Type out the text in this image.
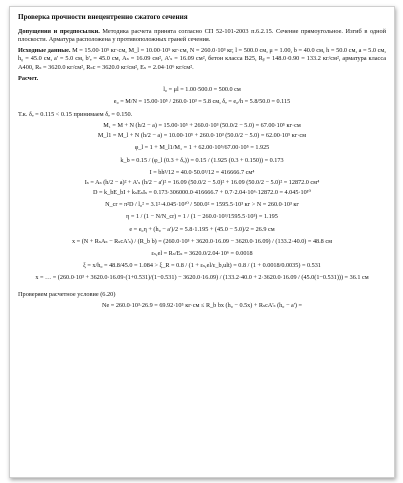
Проверка прочности внецентренно сжатого сечения

Допущения и предпосылки. Методика расчета принята согласно СП 52-101-2003 п.6.2.15. Сечение прямоугольное. Изгиб в одной плоскости. Арматура расположена у противоположных граней сечения.

Исходные данные. M = 15.00·10⁵ кг·см, M_l = 10.00·10⁵ кг·см, N = 260.0·10³ кг, l = 500.0 см, μ = 1.00, b = 40.0 см, h = 50.0 см, a = 5.0 см, h₀ = 45.0 см, a' = 5.0 см, b'ₑ = 45.0 см, Aₛ = 16.09 см², A'ₛ = 16.09 см², бетон класса B25, Rᵦ = 148.0·0.90 = 133.2 кг/см², арматура класса A400, Rₛ = 3620.0 кг/см², Rₛc = 3620.0 кг/см², Eₛ = 2.04·10⁶ кг/см².

Расчет.

l₀ = μl = 1.00·500.0 = 500.0 см
e₀ = M/N = 15.00·10⁵ / 260.0·10³ = 5.8 см, δₑ = e₀/h = 5.8/50.0 = 0.115

Т.к. δₑ = 0.115 < 0.15 принимаем δₑ = 0.150.

M₁ = M + N (h/2 − a) = 15.00·10⁵ + 260.0·10³ (50.0/2 − 5.0) = 67.00·10⁵ кг·см
M_l1 = M_l + N (h/2 − a) = 10.00·10⁵ + 260.0·10³ (50.0/2 − 5.0) = 62.00·10⁵ кг·см
φ_l = 1 + M_l1/M₁ = 1 + 62.00·10⁵/67.00·10⁵ = 1.925
k_b = 0.15 / (φ_l (0.3 + δₑ)) = 0.15 / (1.925 (0.3 + 0.150)) = 0.173
I = bh³/12 = 40.0·50.0³/12 = 416666.7 см⁴
Iₛ = Aₛ (h/2 − a)² + A'ₛ (h/2 − a')² = 16.09 (50.0/2 − 5.0)² + 16.09 (50.0/2 − 5.0)² = 12872.0 см⁴
D = k_bE_bI + kₛEₛIₛ = 0.173·306000.0·416666.7 + 0.7·2.04·10⁶·12872.0 = 4.045·10¹⁰
N_cr = π²D / l₀² = 3.1²·4.045·10¹⁰ / 500.0² = 1595.5·10³ кг > N = 260.0·10³ кг
η = 1 / (1 − N/N_cr) = 1 / (1 − 260.0·10³/1595.5·10³) = 1.195
e = e₀η + (h₀ − a')/2 = 5.8·1.195 + (45.0 − 5.0)/2 = 26.9 см
x = (N + RₛAₛ − RₛcA'ₛ) / (R_b b) = (260.0·10³ + 3620.0·16.09 − 3620.0·16.09) / (133.2·40.0) = 48.8 см
εₛ,el = Rₛ/Eₛ = 3620.0/2.04·10⁶ = 0.0018
ξ = x/h₀ = 48.8/45.0 = 1.084 > ξ_R = 0.8 / (1 + εₛ,el/ε_b,ult) = 0.8 / (1 + 0.0018/0.0035) = 0.531
x = … = (260.0·10³ + 3620.0·16.09·(1+0.531)/(1−0.531) − 3620.0·16.09) / (133.2·40.0 + 2·3620.0·16.09 / (45.0(1−0.531))) = 36.1 см

Проверяем расчетное условие (6.20)

Ne = 260.0·10³·26.9 = 69.92·10⁵ кг·см ≤ R_b bx (h₀ − 0.5x) + RₛcA'ₛ (h₀ − a') =
